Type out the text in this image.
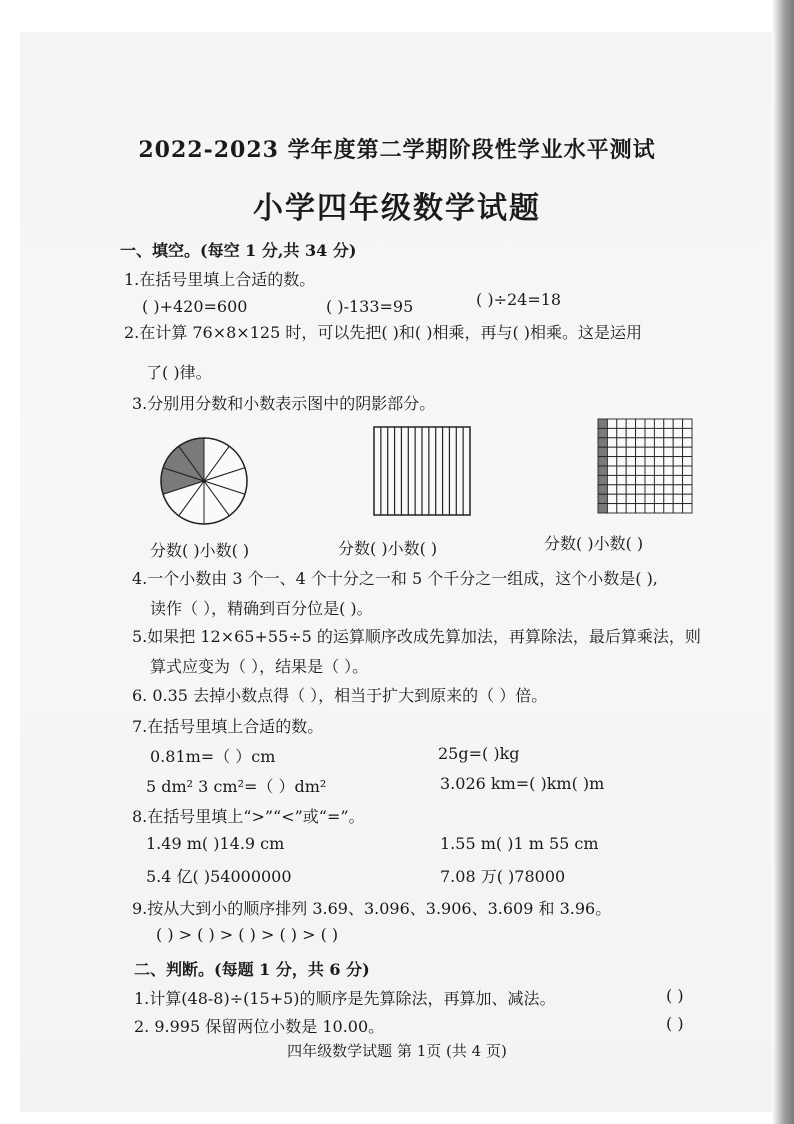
2022-2023 学年度第二学期阶段性学业水平测试
小学四年级数学试题
一、填空。(每空 1 分,共 34 分)
1.在括号里填上合适的数。
( )+420=600	( )-133=95	( )÷24=18
2.在计算 76×8×125 时，可以先把( )和( )相乘，再与( )相乘。这是运用
了( )律。
3.分别用分数和小数表示图中的阴影部分。
分数( )小数( )	分数( )小数( )	分数( )小数( )
4.一个小数由 3 个一、4 个十分之一和 5 个千分之一组成，这个小数是( ),
读作（ ），精确到百分位是( )。
5.如果把 12×65+55÷5 的运算顺序改成先算加法，再算除法，最后算乘法，则
算式应变为（ ），结果是（ ）。
6. 0.35 去掉小数点得（ ），相当于扩大到原来的（ ）倍。
7.在括号里填上合适的数。
0.81m=（ ）cm	25g=( )kg
5 dm² 3 cm²=（ ）dm²	3.026 km=( )km( )m
8.在括号里填上“>”“<”或“=”。
1.49 m( )14.9 cm	1.55 m( )1 m 55 cm
5.4 亿( )54000000	7.08 万( )78000
9.按从大到小的顺序排列 3.69、3.096、3.906、3.609 和 3.96。
( ) > ( ) > ( ) > ( ) > ( )
二、判断。(每题 1 分，共 6 分)
1.计算(48-8)÷(15+5)的顺序是先算除法，再算加、减法。	( )
2. 9.995 保留两位小数是 10.00。	( )
四年级数学试题 第 1页 (共 4 页)
